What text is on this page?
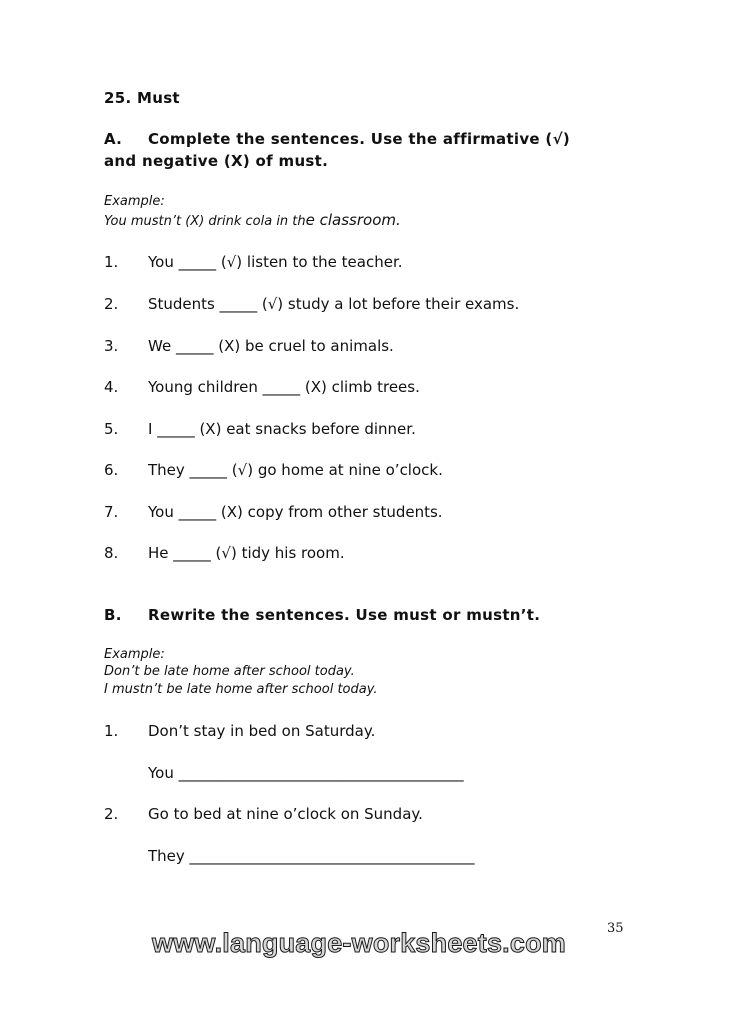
25. Must
A. Complete the sentences. Use the affirmative (√)
and negative (X) of must.
Example:
You mustn’t (X) drink cola in the classroom.
1. You _____ (√) listen to the teacher.
2. Students _____ (√) study a lot before their exams.
3. We _____ (X) be cruel to animals.
4. Young children _____ (X) climb trees.
5. I _____ (X) eat snacks before dinner.
6. They _____ (√) go home at nine o’clock.
7. You _____ (X) copy from other students.
8. He _____ (√) tidy his room.
B. Rewrite the sentences. Use must or mustn’t.
Example:
Don’t be late home after school today.
I mustn’t be late home after school today.
1. Don’t stay in bed on Saturday.
You ______________________________________
2. Go to bed at nine o’clock on Sunday.
They ______________________________________
35
www.language-worksheets.com
